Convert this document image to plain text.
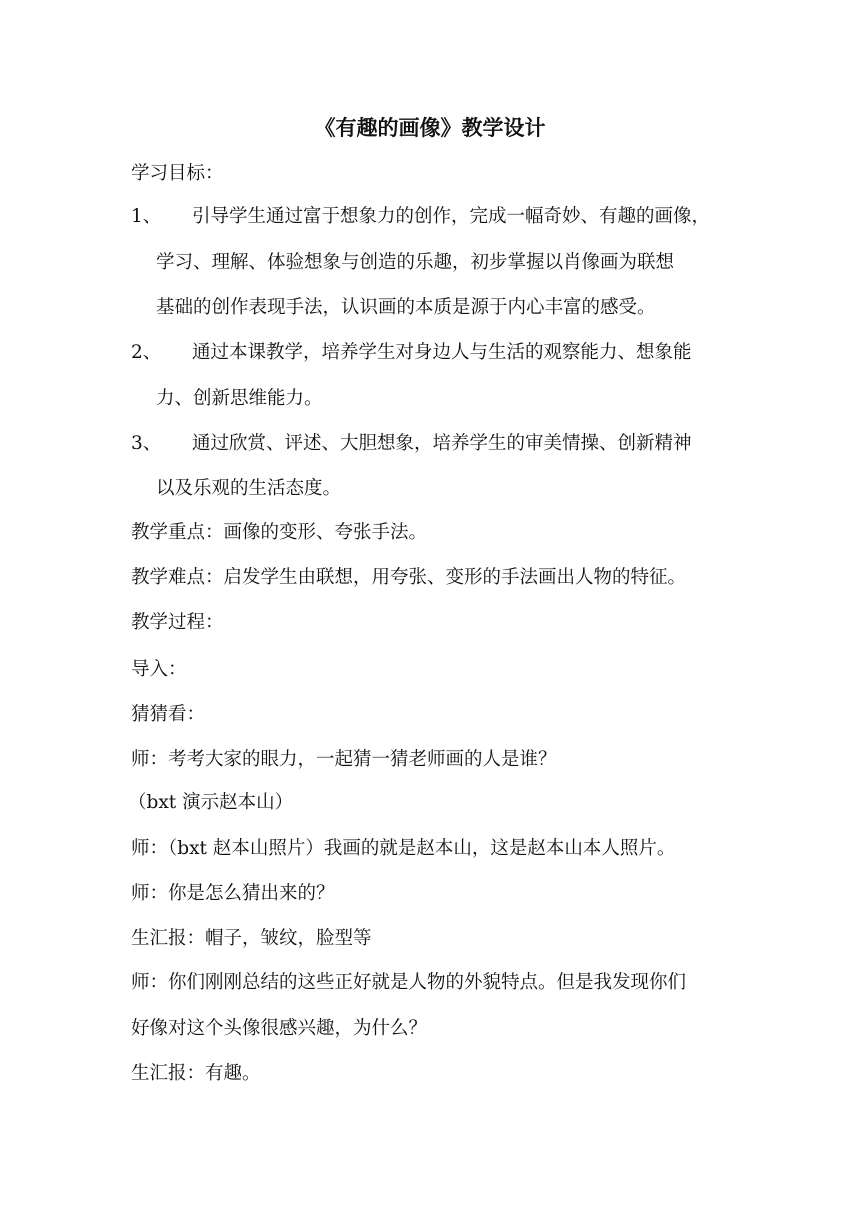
《有趣的画像》教学设计

学习目标：

1、 引导学生通过富于想象力的创作，完成一幅奇妙、有趣的画像，

学习、理解、体验想象与创造的乐趣，初步掌握以肖像画为联想

基础的创作表现手法，认识画的本质是源于内心丰富的感受。

2、 通过本课教学，培养学生对身边人与生活的观察能力、想象能

力、创新思维能力。

3、 通过欣赏、评述、大胆想象，培养学生的审美情操、创新精神

以及乐观的生活态度。

教学重点：画像的变形、夸张手法。

教学难点：启发学生由联想，用夸张、变形的手法画出人物的特征。

教学过程：

导入：

猜猜看：

师：考考大家的眼力，一起猜一猜老师画的人是谁？

（bxt 演示赵本山）

师：（bxt 赵本山照片）我画的就是赵本山，这是赵本山本人照片。

师：你是怎么猜出来的？

生汇报：帽子，皱纹，脸型等

师：你们刚刚总结的这些正好就是人物的外貌特点。但是我发现你们

好像对这个头像很感兴趣，为什么？

生汇报：有趣。
